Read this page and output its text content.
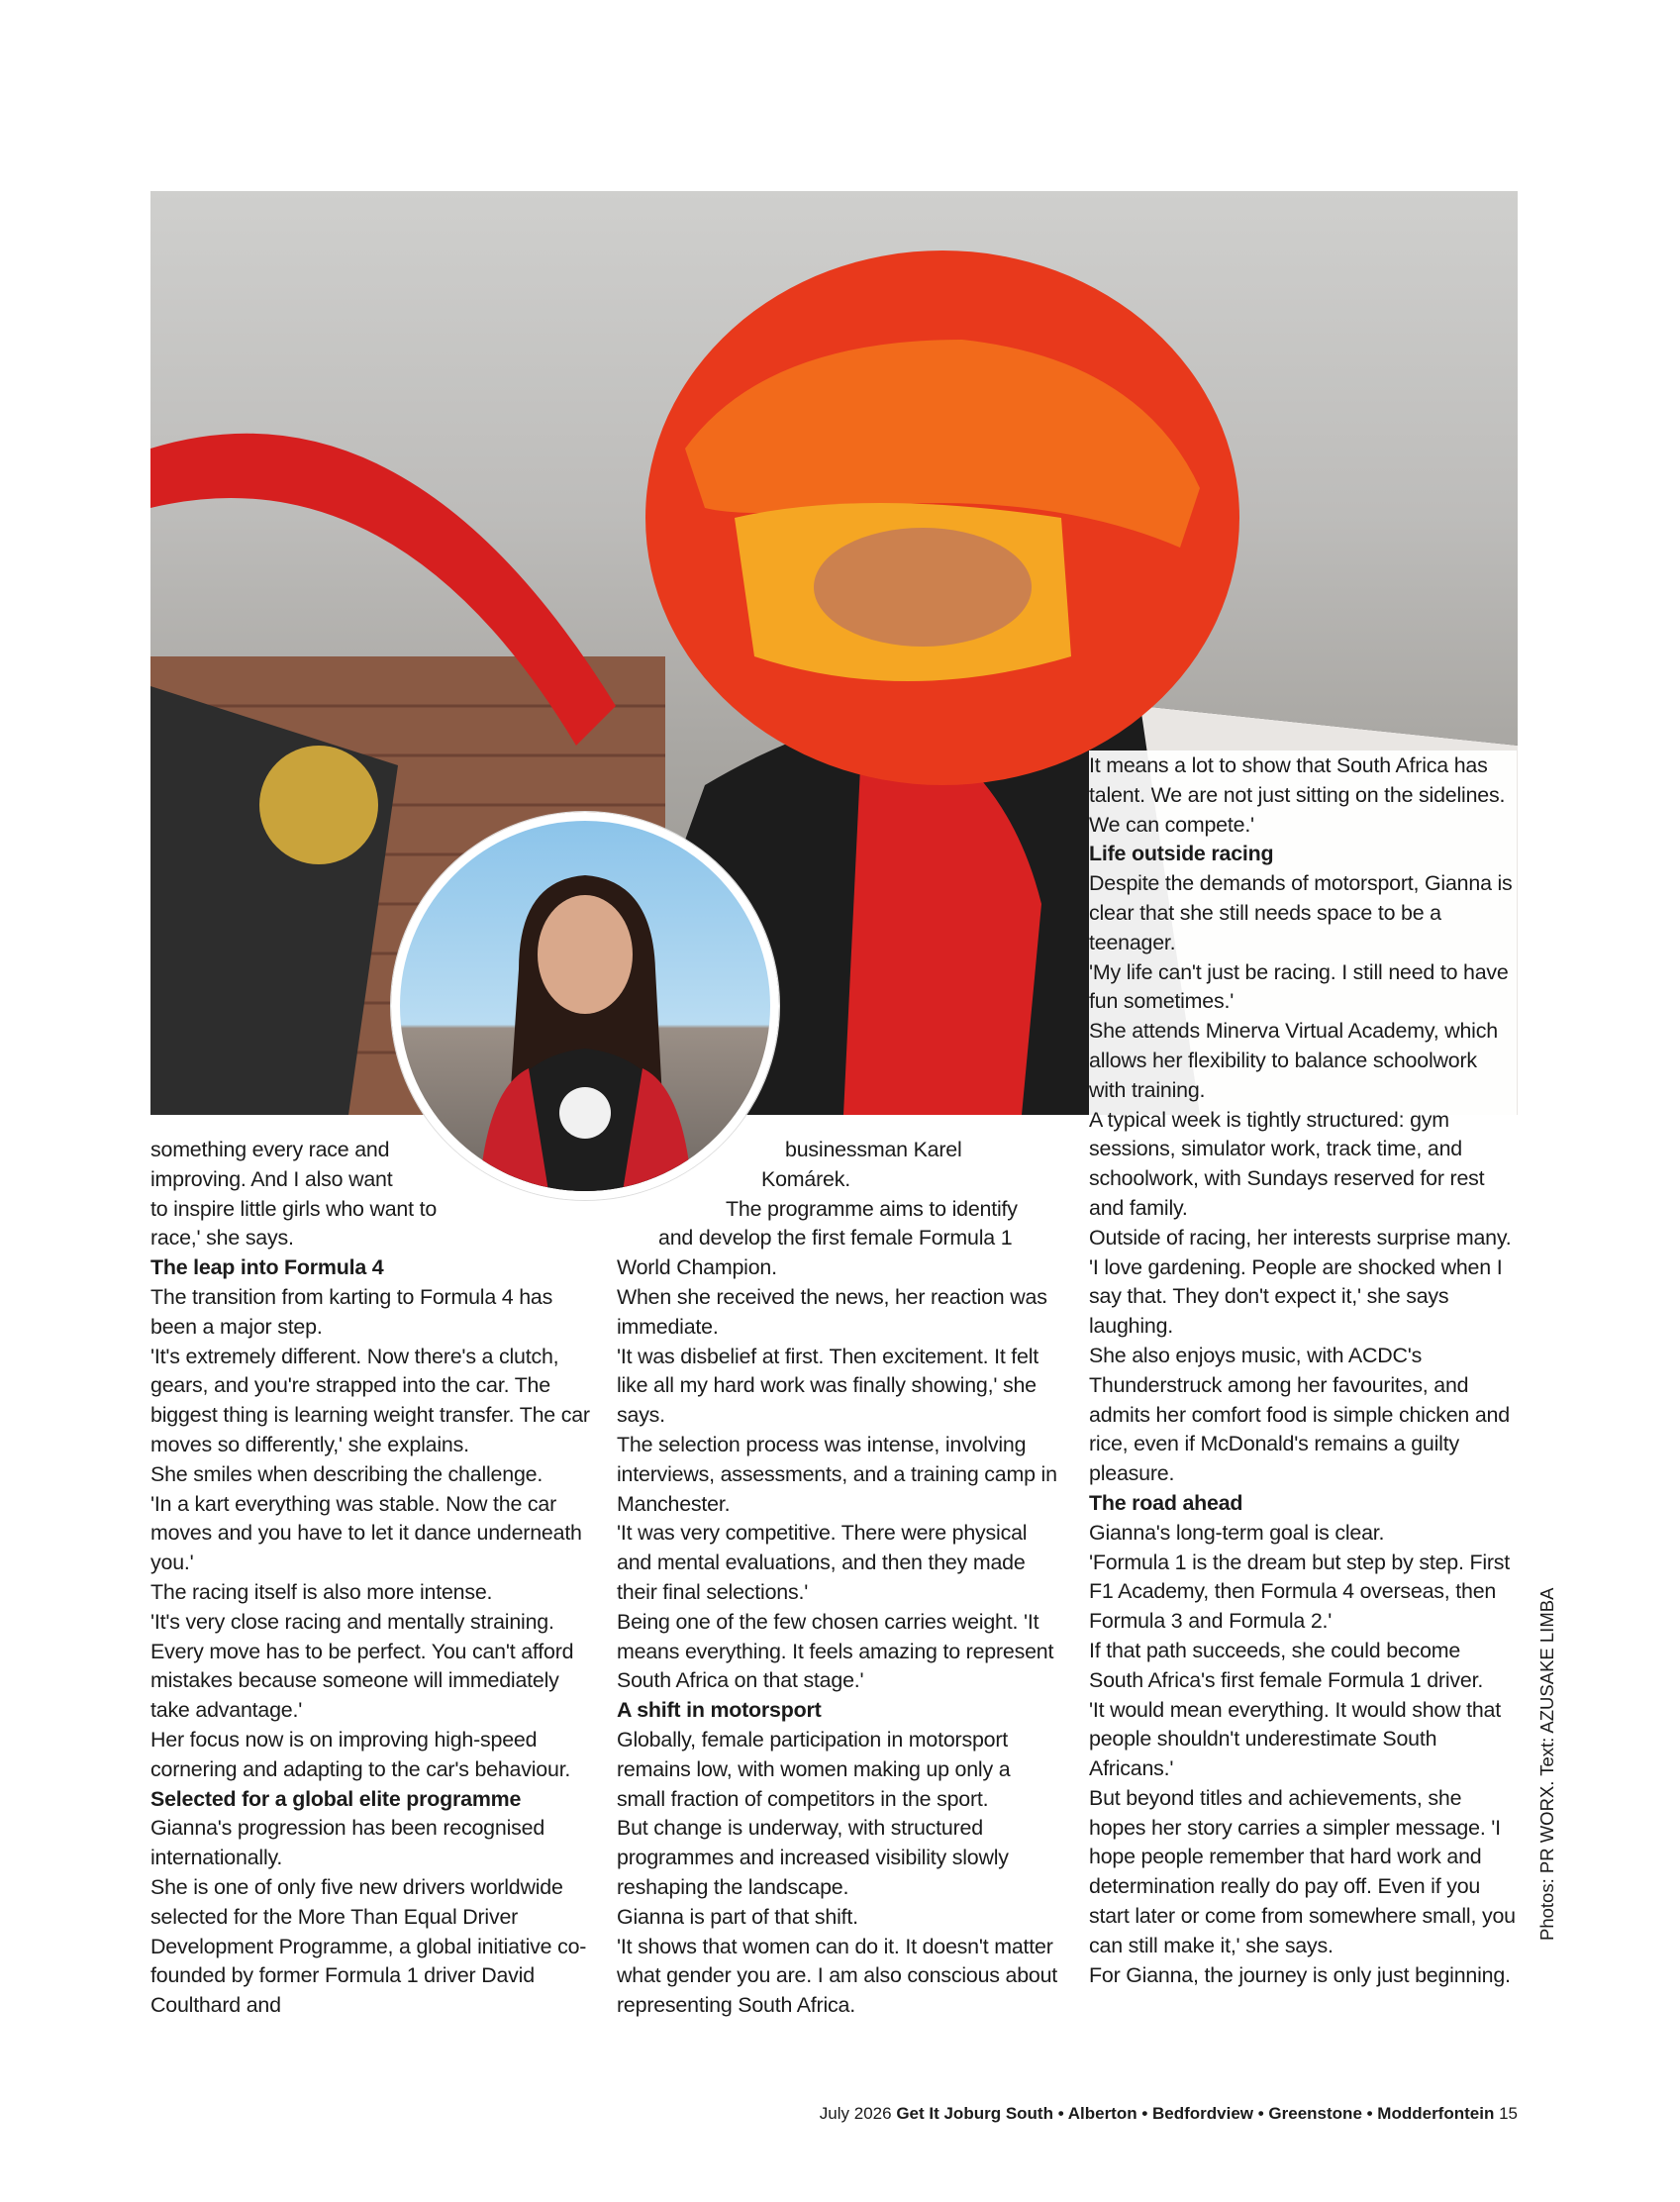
something every race and

improving. And I also want

to inspire little girls who want to

race,' she says.

The leap into Formula 4

The transition from karting to Formula 4 has been a major step.

'It's extremely different. Now there's a clutch, gears, and you're strapped into the car. The biggest thing is learning weight transfer. The car moves so differently,' she explains.

She smiles when describing the challenge.

'In a kart everything was stable. Now the car moves and you have to let it dance underneath you.'

The racing itself is also more intense.

'It's very close racing and mentally straining. Every move has to be perfect. You can't afford mistakes because someone will immediately take advantage.'

Her focus now is on improving high-speed cornering and adapting to the car's behaviour.

Selected for a global elite programme

Gianna's progression has been recognised internationally.

She is one of only five new drivers worldwide selected for the More Than Equal Driver Development Programme, a global initiative co-founded by former Formula 1 driver David Coulthard and

businessman Karel

Komárek.

The programme aims to identify

and develop the first female Formula 1

World Champion.

When she received the news, her reaction was immediate.

'It was disbelief at first. Then excitement. It felt like all my hard work was finally showing,' she says.

The selection process was intense, involving interviews, assessments, and a training camp in Manchester.

'It was very competitive. There were physical and mental evaluations, and then they made their final selections.'

Being one of the few chosen carries weight. 'It means everything. It feels amazing to represent South Africa on that stage.'

A shift in motorsport

Globally, female participation in motorsport remains low, with women making up only a small fraction of competitors in the sport.

But change is underway, with structured programmes and increased visibility slowly reshaping the landscape.

Gianna is part of that shift.

'It shows that women can do it. It doesn't matter what gender you are. I am also conscious about representing South Africa.

It means a lot to show that South Africa has talent. We are not just sitting on the sidelines. We can compete.'

Life outside racing

Despite the demands of motorsport, Gianna is clear that she still needs space to be a teenager.

'My life can't just be racing. I still need to have fun sometimes.'

She attends Minerva Virtual Academy, which allows her flexibility to balance schoolwork with training.

A typical week is tightly structured: gym sessions, simulator work, track time, and schoolwork, with Sundays reserved for rest and family.

Outside of racing, her interests surprise many.

'I love gardening. People are shocked when I say that. They don't expect it,' she says laughing.

She also enjoys music, with ACDC's Thunderstruck among her favourites, and admits her comfort food is simple chicken and rice, even if McDonald's remains a guilty pleasure.

The road ahead

Gianna's long-term goal is clear.

'Formula 1 is the dream but step by step. First F1 Academy, then Formula 4 overseas, then Formula 3 and Formula 2.'

If that path succeeds, she could become South Africa's first female Formula 1 driver.

'It would mean everything. It would show that people shouldn't underestimate South Africans.'

But beyond titles and achievements, she hopes her story carries a simpler message. 'I hope people remember that hard work and determination really do pay off. Even if you start later or come from somewhere small, you can still make it,' she says.

For Gianna, the journey is only just beginning.

July 2026 Get It Joburg South • Alberton • Bedfordview • Greenstone • Modderfontein 15
Photos: PR WORX. Text: AZUSAKE LIMBA
